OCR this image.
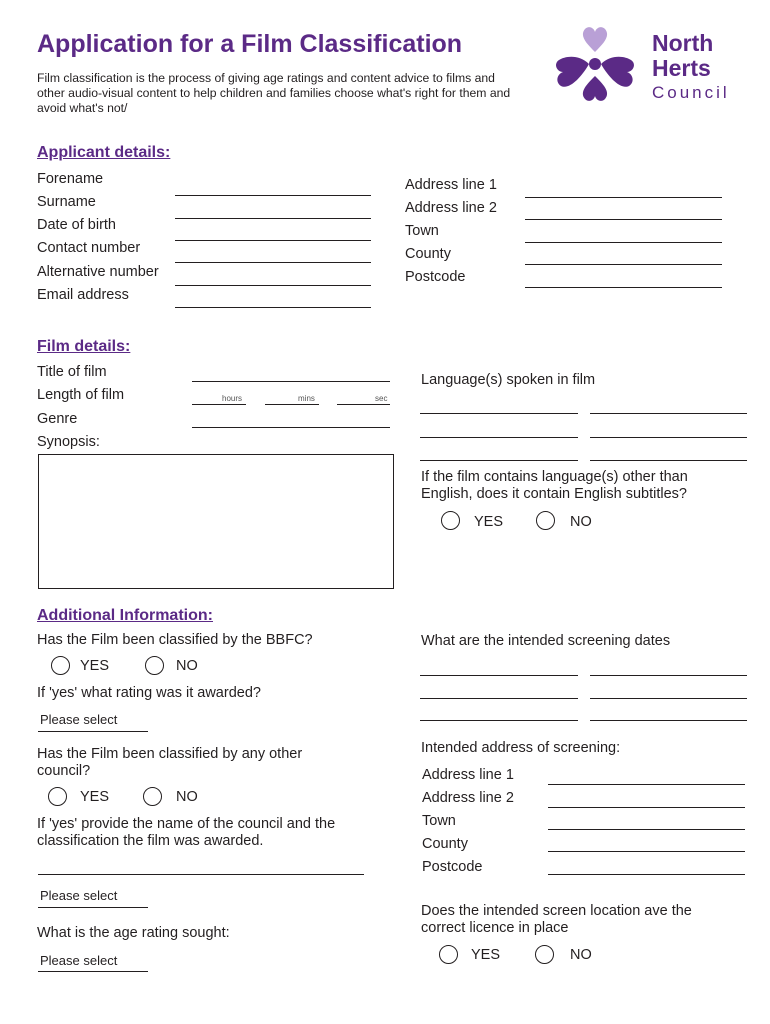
Application for a Film Classification
Film classification is the process of giving age ratings and content advice to films and other audio-visual content to help children and families choose what's right for them and avoid what's not/
North
Herts
Council
Applicant details:
Forename
Surname
Date of birth
Contact number
Alternative number
Email address
Address line 1
Address line 2
Town
County
Postcode
Film details:
Title of film
Length of film	hours	mins	sec
Genre
Synopsis:
Language(s) spoken in film
If the film contains language(s) other than English, does it contain English subtitles?
YES	NO
Additional Information:
Has the Film been classified by the BBFC?
YES	NO
If 'yes' what rating was it awarded?
Please select
Has the Film been classified by any other council?
YES	NO
If 'yes' provide the name of the council and the classification the film was awarded.
Please select
What is the age rating sought:
Please select
What are the intended screening dates
Intended address of screening:
Address line 1
Address line 2
Town
County
Postcode
Does the intended screen location ave the correct licence in place
YES	NO
